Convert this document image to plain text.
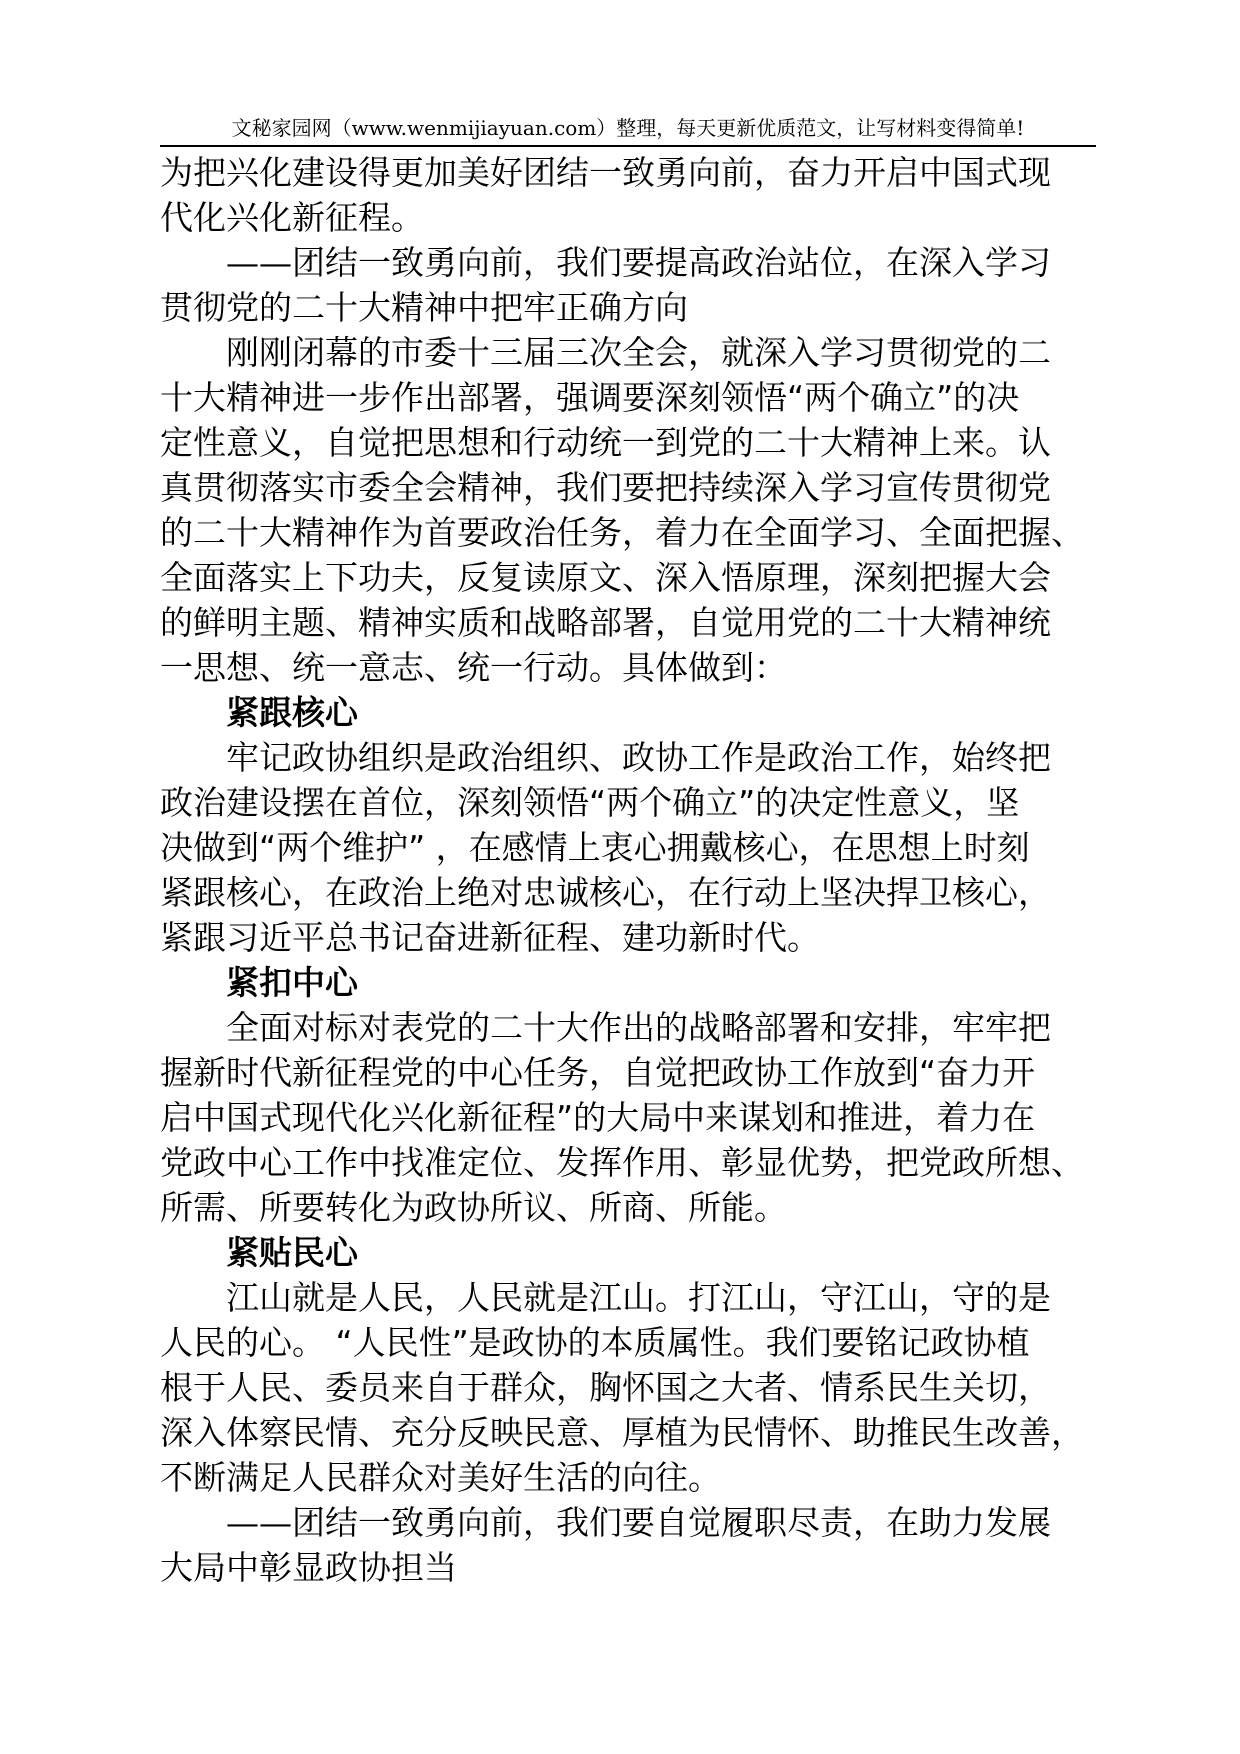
文秘家园网（www.wenmijiayuan.com）整理，每天更新优质范文，让写材料变得简单!
为把兴化建设得更加美好团结一致勇向前，奋力开启中国式现
代化兴化新征程。
——团结一致勇向前，我们要提高政治站位，在深入学习
贯彻党的二十大精神中把牢正确方向
刚刚闭幕的市委十三届三次全会，就深入学习贯彻党的二
十大精神进一步作出部署，强调要深刻领悟“两个确立”的决
定性意义，自觉把思想和行动统一到党的二十大精神上来。认
真贯彻落实市委全会精神，我们要把持续深入学习宣传贯彻党
的二十大精神作为首要政治任务，着力在全面学习、全面把握、
全面落实上下功夫，反复读原文、深入悟原理，深刻把握大会
的鲜明主题、精神实质和战略部署，自觉用党的二十大精神统
一思想、统一意志、统一行动。具体做到：
紧跟核心
牢记政协组织是政治组织、政协工作是政治工作，始终把
政治建设摆在首位，深刻领悟“两个确立”的决定性意义，坚
决做到“两个维护” ，在感情上衷心拥戴核心，在思想上时刻
紧跟核心，在政治上绝对忠诚核心，在行动上坚决捍卫核心，
紧跟习近平总书记奋进新征程、建功新时代。
紧扣中心
全面对标对表党的二十大作出的战略部署和安排，牢牢把
握新时代新征程党的中心任务，自觉把政协工作放到“奋力开
启中国式现代化兴化新征程”的大局中来谋划和推进，着力在
党政中心工作中找准定位、发挥作用、彰显优势，把党政所想、
所需、所要转化为政协所议、所商、所能。
紧贴民心
江山就是人民，人民就是江山。打江山，守江山，守的是
人民的心。 “人民性”是政协的本质属性。我们要铭记政协植
根于人民、委员来自于群众，胸怀国之大者、情系民生关切，
深入体察民情、充分反映民意、厚植为民情怀、助推民生改善，
不断满足人民群众对美好生活的向往。
——团结一致勇向前，我们要自觉履职尽责，在助力发展
大局中彰显政协担当
